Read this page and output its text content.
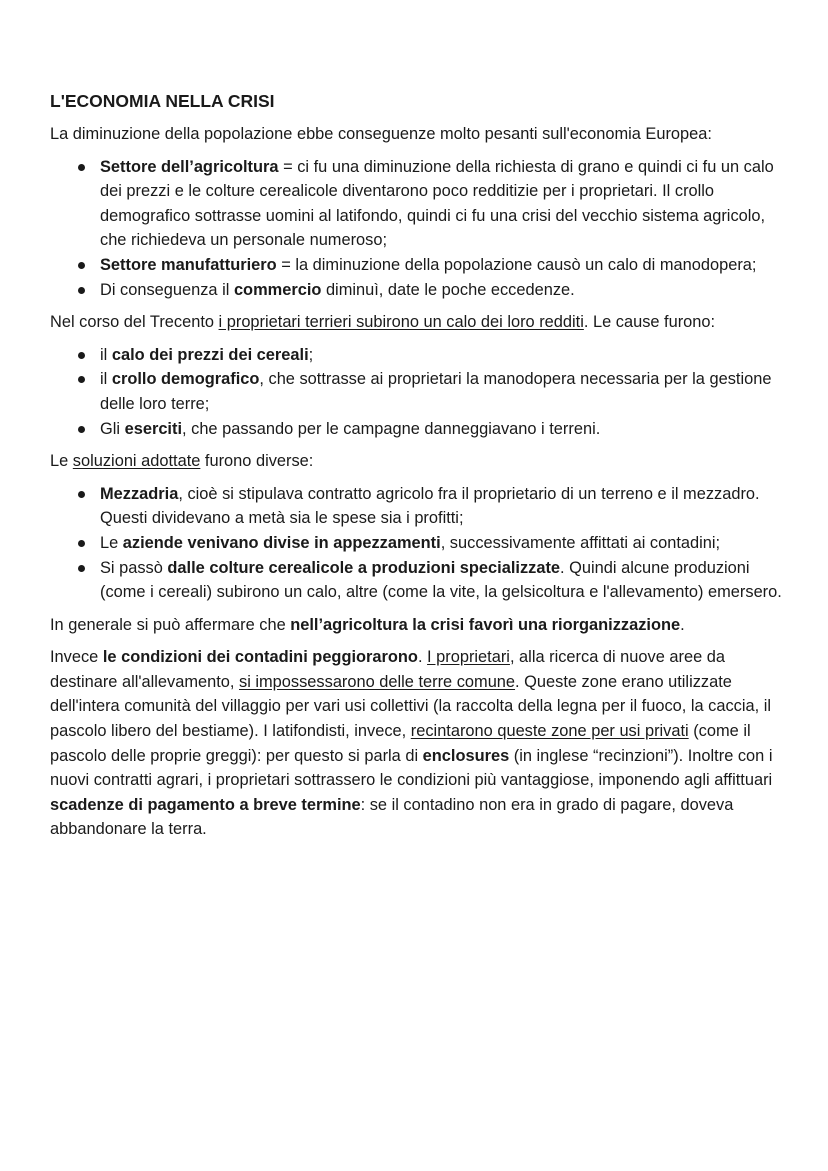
L'ECONOMIA NELLA CRISI

La diminuzione della popolazione ebbe conseguenze molto pesanti sull'economia Europea:

Settore dell’agricoltura = ci fu una diminuzione della richiesta di grano e quindi ci fu un calo dei prezzi e le colture cerealicole diventarono poco redditizie per i proprietari. Il crollo demografico sottrasse uomini al latifondo, quindi ci fu una crisi del vecchio sistema agricolo, che richiedeva un personale numeroso;
Settore manufatturiero = la diminuzione della popolazione causò un calo di manodopera;
Di conseguenza il commercio diminuì, date le poche eccedenze.

Nel corso del Trecento i proprietari terrieri subirono un calo dei loro redditi. Le cause furono:

il calo dei prezzi dei cereali;
il crollo demografico, che sottrasse ai proprietari la manodopera necessaria per la gestione delle loro terre;
Gli eserciti, che passando per le campagne danneggiavano i terreni.

Le soluzioni adottate furono diverse:

Mezzadria, cioè si stipulava contratto agricolo fra il proprietario di un terreno e il mezzadro. Questi dividevano a metà sia le spese sia i profitti;
Le aziende venivano divise in appezzamenti, successivamente affittati ai contadini;
Si passò dalle colture cerealicole a produzioni specializzate. Quindi alcune produzioni (come i cereali) subirono un calo, altre (come la vite, la gelsicoltura e l'allevamento) emersero.

In generale si può affermare che nell’agricoltura la crisi favorì una riorganizzazione.

Invece le condizioni dei contadini peggiorarono. I proprietari, alla ricerca di nuove aree da destinare all'allevamento, si impossessarono delle terre comune. Queste zone erano utilizzate dell'intera comunità del villaggio per vari usi collettivi (la raccolta della legna per il fuoco, la caccia, il pascolo libero del bestiame). I latifondisti, invece, recintarono queste zone per usi privati (come il pascolo delle proprie greggi): per questo si parla di enclosures (in inglese “recinzioni”). Inoltre con i nuovi contratti agrari, i proprietari sottrassero le condizioni più vantaggiose, imponendo agli affittuari scadenze di pagamento a breve termine: se il contadino non era in grado di pagare, doveva abbandonare la terra.
